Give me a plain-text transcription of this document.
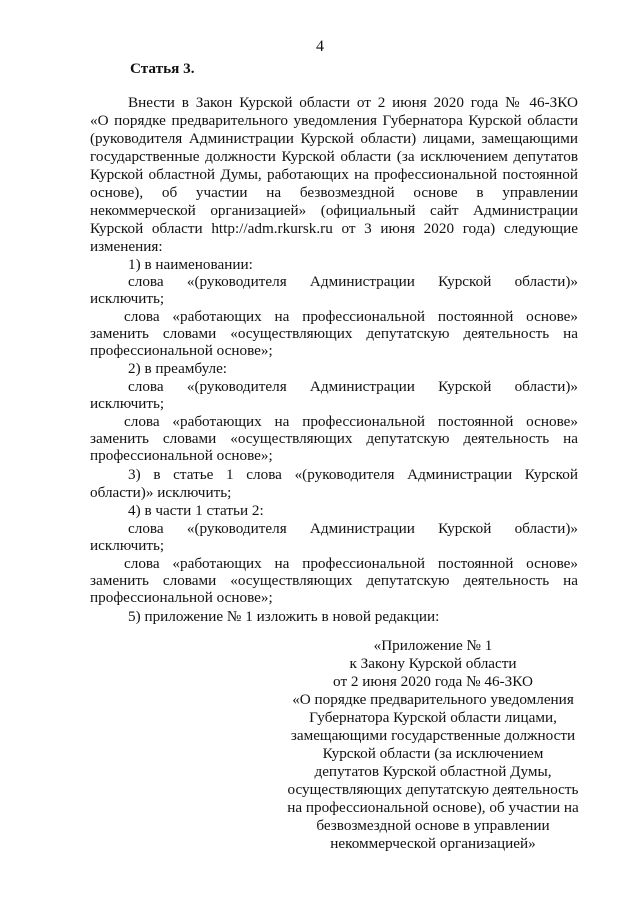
4
Статья 3.
Внести в Закон Курской области от 2 июня 2020 года № 46-ЗКО
«О порядке предварительного уведомления Губернатора Курской области
(руководителя Администрации Курской области) лицами, замещающими
государственные должности Курской области (за исключением депутатов
Курской областной Думы, работающих на профессиональной постоянной
основе), об участии на безвозмездной основе в управлении
некоммерческой организацией» (официальный сайт Администрации
Курской области http://adm.rkursk.ru от 3 июня 2020 года) следующие
изменения:
1) в наименовании:
слова «(руководителя Администрации Курской области)»
исключить;
слова «работающих на профессиональной постоянной основе»
заменить словами «осуществляющих депутатскую деятельность на
профессиональной основе»;
2) в преамбуле:
слова «(руководителя Администрации Курской области)»
исключить;
слова «работающих на профессиональной постоянной основе»
заменить словами «осуществляющих депутатскую деятельность на
профессиональной основе»;
3) в статье 1 слова «(руководителя Администрации Курской
области)» исключить;
4) в части 1 статьи 2:
слова «(руководителя Администрации Курской области)»
исключить;
слова «работающих на профессиональной постоянной основе»
заменить словами «осуществляющих депутатскую деятельность на
профессиональной основе»;
5) приложение № 1 изложить в новой редакции:
«Приложение № 1
к Закону Курской области
от 2 июня 2020 года № 46-ЗКО
«О порядке предварительного уведомления
Губернатора Курской области лицами,
замещающими государственные должности
Курской области (за исключением
депутатов Курской областной Думы,
осуществляющих депутатскую деятельность
на профессиональной основе), об участии на
безвозмездной основе в управлении
некоммерческой организацией»
